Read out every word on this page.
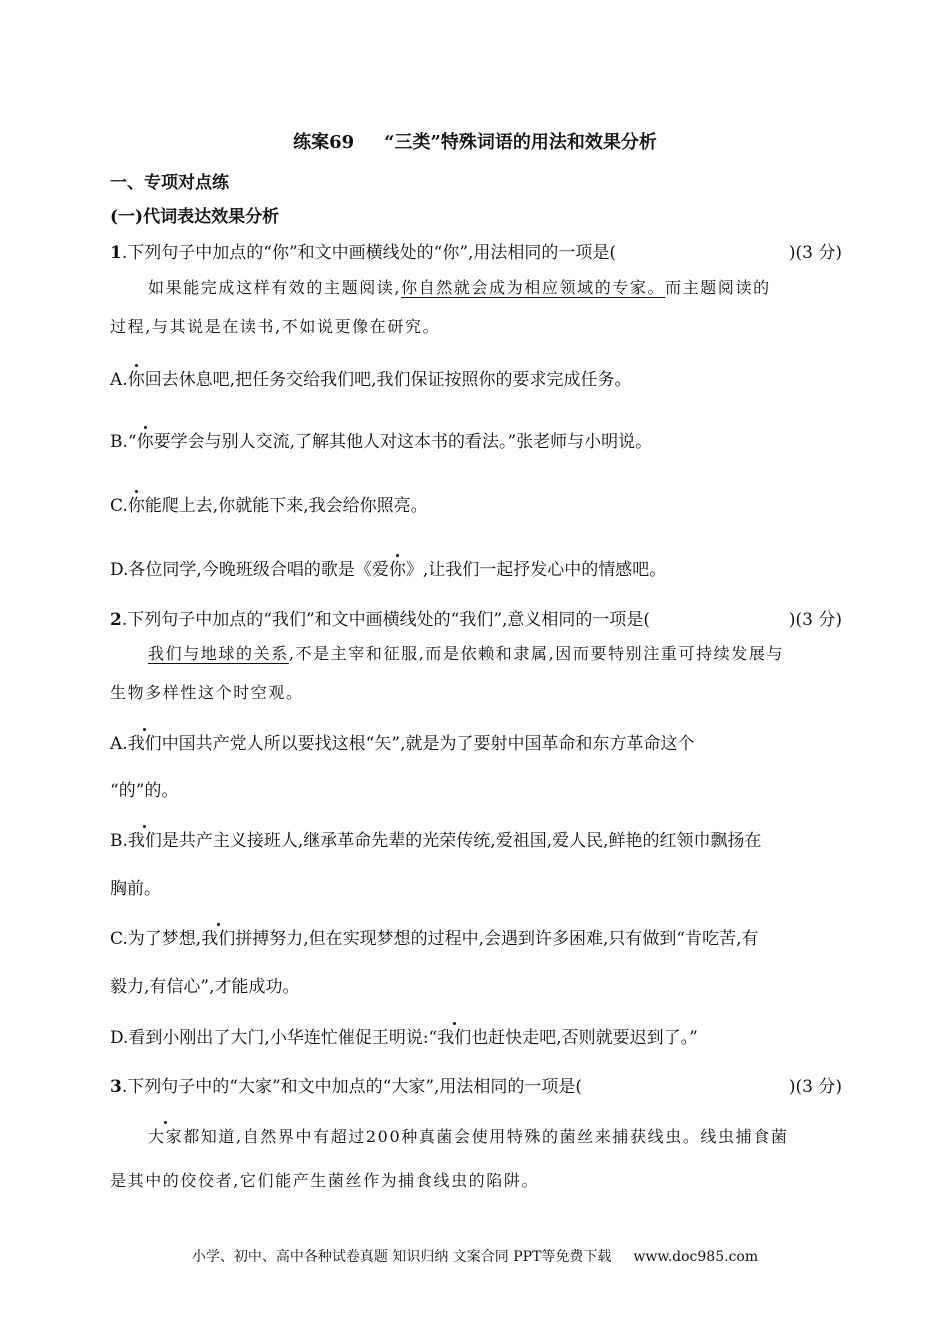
练案69 “三类”特殊词语的用法和效果分析
一、专项对点练
(一)代词表达效果分析
1.下列句子中加点的“你”和文中画横线处的“你”,用法相同的一项是(	)(3 分)
如果能完成这样有效的主题阅读,你自然就会成为相应领域的专家。而主题阅读的
过程,与其说是在读书,不如说更像在研究。
A.你回去休息吧,把任务交给我们吧,我们保证按照你的要求完成任务。
B.“你要学会与别人交流,了解其他人对这本书的看法。”张老师与小明说。
C.你能爬上去,你就能下来,我会给你照亮。
D.各位同学,今晚班级合唱的歌是《爱你》,让我们一起抒发心中的情感吧。
2.下列句子中加点的“我们”和文中画横线处的“我们”,意义相同的一项是(	)(3 分)
我们与地球的关系,不是主宰和征服,而是依赖和隶属,因而要特别注重可持续发展与
生物多样性这个时空观。
A.我们中国共产党人所以要找这根“矢”,就是为了要射中国革命和东方革命这个
“的”的。
B.我们是共产主义接班人,继承革命先辈的光荣传统,爱祖国,爱人民,鲜艳的红领巾飘扬在
胸前。
C.为了梦想,我们拼搏努力,但在实现梦想的过程中,会遇到许多困难,只有做到“肯吃苦,有
毅力,有信心”,才能成功。
D.看到小刚出了大门,小华连忙催促王明说:“我们也赶快走吧,否则就要迟到了。”
3.下列句子中的“大家”和文中加点的“大家”,用法相同的一项是(	)(3 分)
大家都知道,自然界中有超过200种真菌会使用特殊的菌丝来捕获线虫。线虫捕食菌
是其中的佼佼者,它们能产生菌丝作为捕食线虫的陷阱。
小学、初中、高中各种试卷真题 知识归纳 文案合同 PPT等免费下载 www.doc985.com
